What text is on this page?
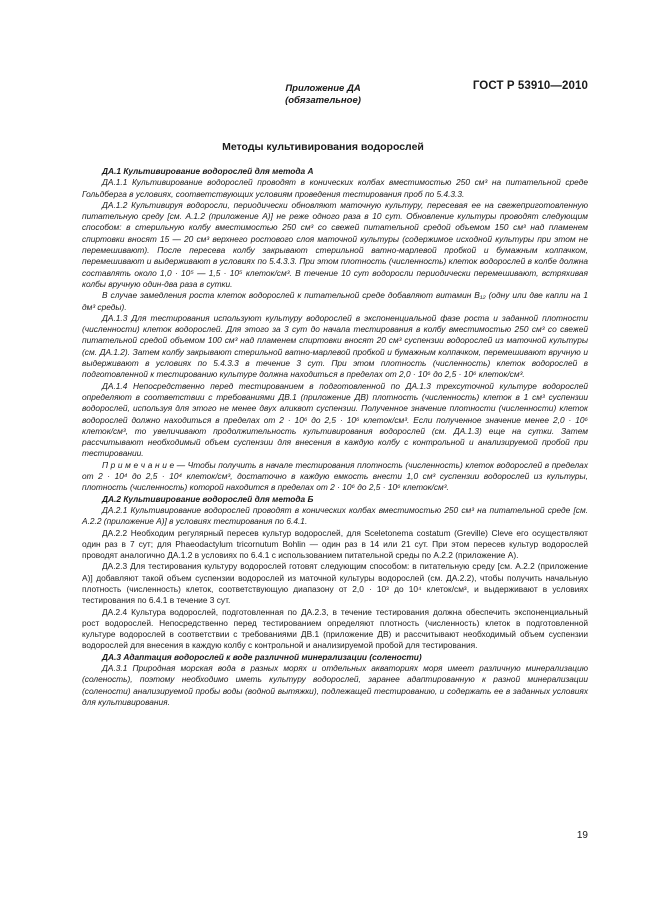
ГОСТ Р 53910—2010
Приложение ДА
(обязательное)
Методы культивирования водорослей

ДА.1 Культивирование водорослей для метода А

ДА.1.1 Культивирование водорослей проводят в конических колбах вместимостью 250 см³ на питательной среде Гольдберга в условиях, соответствующих условиям проведения тестирования проб по 5.4.3.3.

ДА.1.2 Культивируя водоросли, периодически обновляют маточную культуру, пересевая ее на свежеприготовленную питательную среду [см. А.1.2 (приложение А)] не реже одного раза в 10 сут. Обновление культуры проводят следующим способом: в стерильную колбу вместимостью 250 см³ со свежей питательной средой объемом 150 см³ над пламенем спиртовки вносят 15 — 20 см³ верхнего ростового слоя маточной культуры (содержимое исходной культуры при этом не перемешивают). После пересева колбу закрывают стерильной ватно-марлевой пробкой и бумажным колпачком, перемешивают и выдерживают в условиях по 5.4.3.3. При этом плотность (численность) клеток водорослей в колбе должна составлять около 1,0 · 10⁵ — 1,5 · 10⁵ клеток/см³. В течение 10 сут водоросли периодически перемешивают, встряхивая колбы вручную один-два раза в сутки.

В случае замедления роста клеток водорослей к питательной среде добавляют витамин В₁₂ (одну или две капли на 1 дм³ среды).

ДА.1.3 Для тестирования используют культуру водорослей в экспоненциальной фазе роста и заданной плотности (численности) клеток водорослей. Для этого за 3 сут до начала тестирования в колбу вместимостью 250 см³ со свежей питательной средой объемом 100 см³ над пламенем спиртовки вносят 20 см³ суспензии водорослей из маточной культуры (см. ДА.1.2). Затем колбу закрывают стерильной ватно-марлевой пробкой и бумажным колпачком, перемешивают вручную и выдерживают в условиях по 5.4.3.3 в течение 3 сут. При этом плотность (численность) клеток водорослей в подготовленной к тестированию культуре должна находиться в пределах от 2,0 · 10⁶ до 2,5 · 10⁶ клеток/см³.

ДА.1.4 Непосредственно перед тестированием в подготовленной по ДА.1.3 трехсуточной культуре водорослей определяют в соответствии с требованиями ДВ.1 (приложение ДВ) плотность (численность) клеток в 1 см³ суспензии водорослей, используя для этого не менее двух аликвот суспензии. Полученное значение плотности (численности) клеток водорослей должно находиться в пределах от 2 · 10⁶ до 2,5 · 10⁶ клеток/см³. Если полученное значение менее 2,0 · 10⁶ клеток/см³, то увеличивают продолжительность культивирования водорослей (см. ДА.1.3) еще на сутки. Затем рассчитывают необходимый объем суспензии для внесения в каждую колбу с контрольной и анализируемой пробой при тестировании.

П р и м е ч а н и е — Чтобы получить в начале тестирования плотность (численность) клеток водорослей в пределах от 2 · 10⁴ до 2,5 · 10⁴ клеток/см³, достаточно в каждую емкость внести 1,0 см³ суспензии водорослей из культуры, плотность (численность) которой находится в пределах от 2 · 10⁶ до 2,5 · 10⁶ клеток/см³.

ДА.2 Культивирование водорослей для метода Б

ДА.2.1 Культивирование водорослей проводят в конических колбах вместимостью 250 см³ на питательной среде [см. А.2.2 (приложение А)] в условиях тестирования по 6.4.1.

ДА.2.2 Необходим регулярный пересев культур водорослей, для Sceletonema costatum (Greville) Cleve его осуществляют один раз в 7 сут; для Phaeodactylum tricornutum Bohlin — один раз в 14 или 21 сут. При этом пересев культур водорослей проводят аналогично ДА.1.2 в условиях по 6.4.1 с использованием питательной среды по А.2.2 (приложение А).

ДА.2.3 Для тестирования культуру водорослей готовят следующим способом: в питательную среду [см. А.2.2 (приложение А)] добавляют такой объем суспензии водорослей из маточной культуры водорослей (см. ДА.2.2), чтобы получить начальную плотность (численность) клеток, соответствующую диапазону от 2,0 · 10³ до 10⁴ клеток/см³, и выдерживают в условиях тестирования по 6.4.1 в течение 3 сут.

ДА.2.4 Культура водорослей, подготовленная по ДА.2.3, в течение тестирования должна обеспечить экспоненциальный рост водорослей. Непосредственно перед тестированием определяют плотность (численность) клеток в подготовленной культуре водорослей в соответствии с требованиями ДВ.1 (приложение ДВ) и рассчитывают необходимый объем суспензии водорослей для внесения в каждую колбу с контрольной и анализируемой пробой для тестирования.

ДА.3 Адаптация водорослей к воде различной минерализации (солености)

ДА.3.1 Природная морская вода в разных морях и отдельных акваториях моря имеет различную минерализацию (соленость), поэтому необходимо иметь культуру водорослей, заранее адаптированную к разной минерализации (солености) анализируемой пробы воды (водной вытяжки), подлежащей тестированию, и содержать ее в заданных условиях для культивирования.

19
